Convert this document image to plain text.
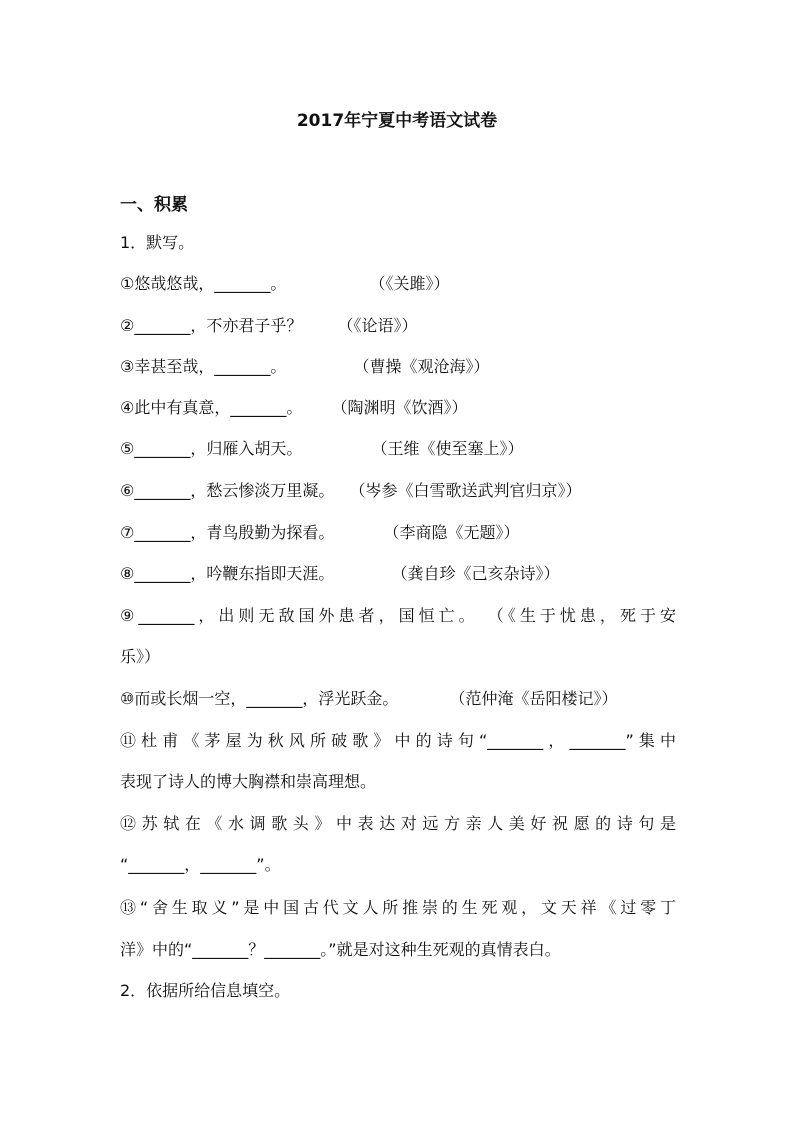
2017年宁夏中考语文试卷
一、积累
1．默写。
①悠哉悠哉，_______。	（《关雎》）
②_______，不亦君子乎？ （《论语》）
③幸甚至哉，_______。	（曹操《观沧海》）
④此中有真意，_______。 （陶渊明《饮酒》）
⑤_______，归雁入胡天。	（王维《使至塞上》）
⑥_______，愁云惨淡万里凝。 （岑参《白雪歌送武判官归京》）
⑦_______，青鸟殷勤为探看。	（李商隐《无题》）
⑧_______，吟鞭东指即天涯。	（龚自珍《己亥杂诗》）
⑨_______，出则无敌国外患者，国恒亡。 （《生于忧患，死于安
乐》）
⑩而或长烟一空，_______，浮光跃金。	（范仲淹《岳阳楼记》）
⑪杜甫《茅屋为秋风所破歌》中的诗句“_______，_______”集中
表现了诗人的博大胸襟和崇高理想。
⑫苏轼在《水调歌头》中表达对远方亲人美好祝愿的诗句是
“_______，_______”。
⑬“舍生取义”是中国古代文人所推崇的生死观，文天祥《过零丁
洋》中的“_______？_______。”就是对这种生死观的真情表白。
2．依据所给信息填空。
